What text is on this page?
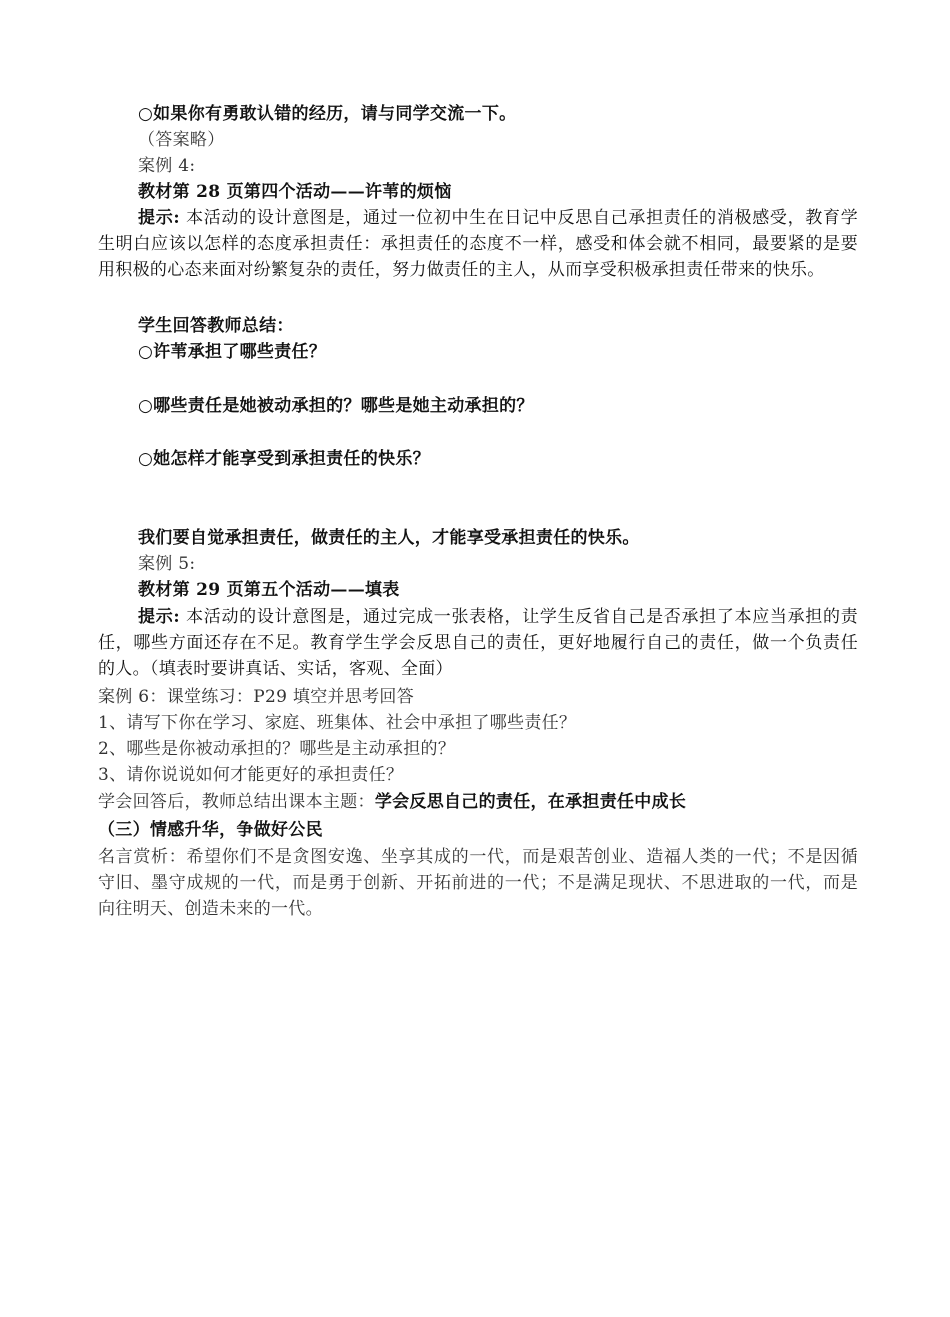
○如果你有勇敢认错的经历，请与同学交流一下。
（答案略）
案例 4:
教材第 28 页第四个活动——许苇的烦恼
提示: 本活动的设计意图是，通过一位初中生在日记中反思自己承担责任的消极感受，教育学生明白应该以怎样的态度承担责任：承担责任的态度不一样，感受和体会就不相同，最要紧的是要用积极的心态来面对纷繁复杂的责任，努力做责任的主人，从而享受积极承担责任带来的快乐。
学生回答教师总结：
○许苇承担了哪些责任？
○哪些责任是她被动承担的？哪些是她主动承担的？
○她怎样才能享受到承担责任的快乐？
我们要自觉承担责任，做责任的主人，才能享受承担责任的快乐。
案例 5:
教材第 29 页第五个活动——填表
提示: 本活动的设计意图是，通过完成一张表格，让学生反省自己是否承担了本应当承担的责任，哪些方面还存在不足。教育学生学会反思自己的责任，更好地履行自己的责任，做一个负责任的人。（填表时要讲真话、实话，客观、全面）
案例 6：课堂练习：P29 填空并思考回答
1、请写下你在学习、家庭、班集体、社会中承担了哪些责任？
2、哪些是你被动承担的？哪些是主动承担的？
3、请你说说如何才能更好的承担责任？
学会回答后，教师总结出课本主题：学会反思自己的责任，在承担责任中成长
（三）情感升华，争做好公民
名言赏析：希望你们不是贪图安逸、坐享其成的一代，而是艰苦创业、造福人类的一代；不是因循守旧、墨守成规的一代，而是勇于创新、开拓前进的一代；不是满足现状、不思进取的一代，而是向往明天、创造未来的一代。
